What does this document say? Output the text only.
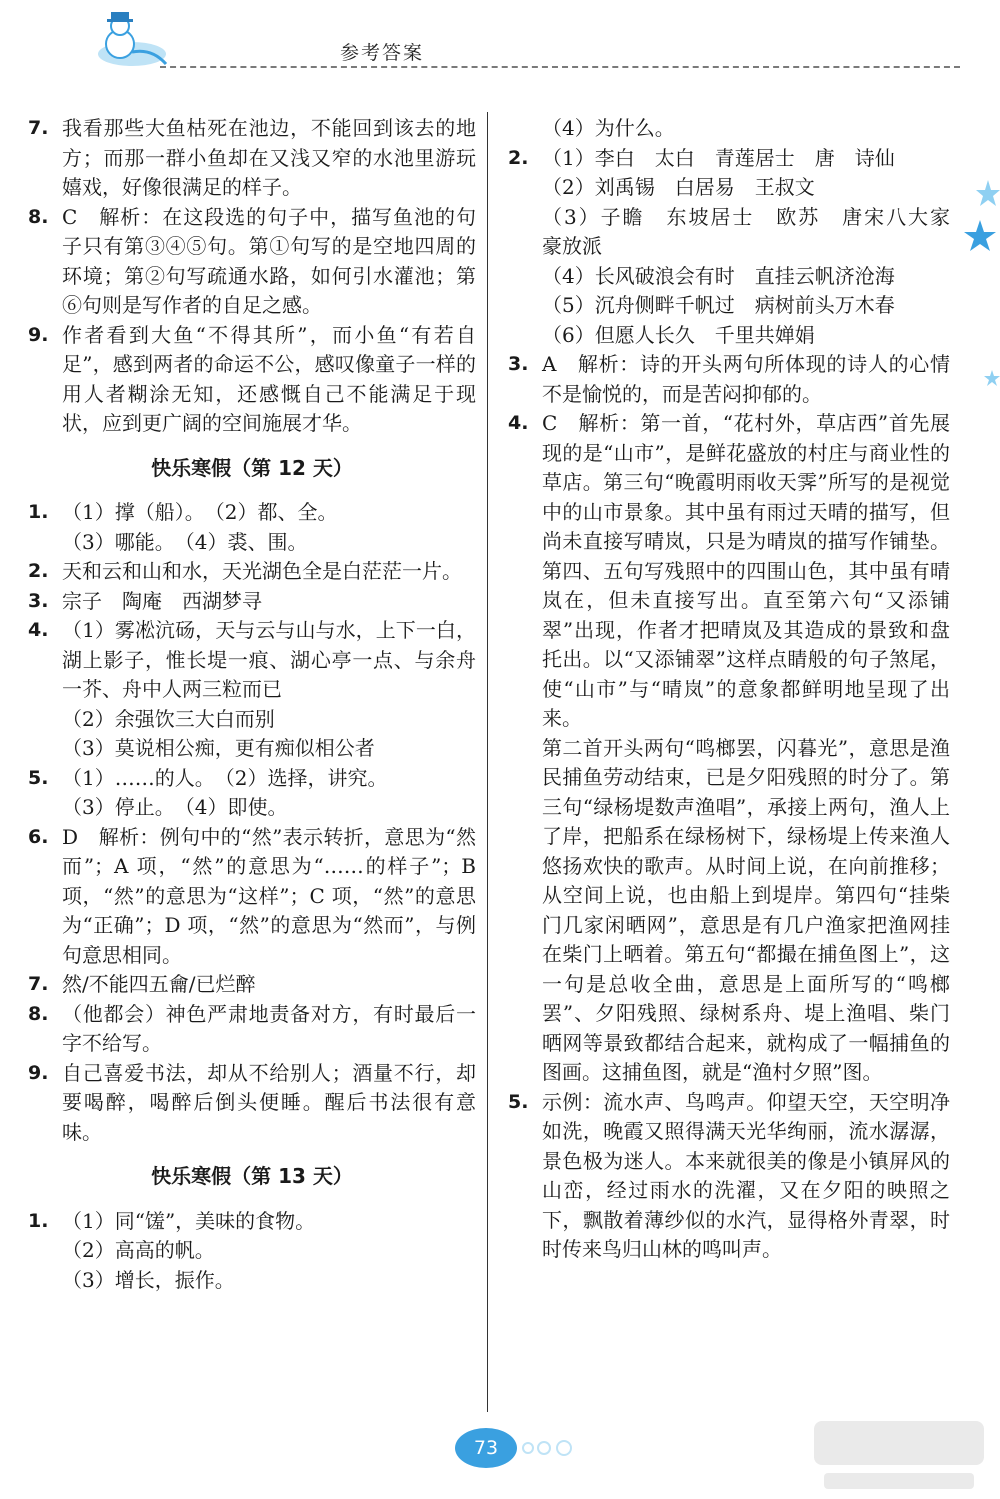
参考答案
7. 我看那些大鱼枯死在池边，不能回到该去的地方；而那一群小鱼却在又浅又窄的水池里游玩嬉戏，好像很满足的样子。
8. C　解析：在这段选的句子中，描写鱼池的句子只有第③④⑤句。第①句写的是空地四周的环境；第②句写疏通水路，如何引水灌池；第⑥句则是写作者的自足之感。
9. 作者看到大鱼“不得其所”，而小鱼“有若自足”，感到两者的命运不公，感叹像童子一样的用人者糊涂无知，还感慨自己不能满足于现状，应到更广阔的空间施展才华。
快乐寒假（第 12 天）
1. （1）撑（船）。　（2）都、全。
（3）哪能。　（4）裘、围。
2. 天和云和山和水，天光湖色全是白茫茫一片。
3. 宗子　陶庵　西湖梦寻
4. （1）雾凇沆砀，天与云与山与水，上下一白，湖上影子，惟长堤一痕、湖心亭一点、与余舟一芥、舟中人两三粒而已
（2）余强饮三大白而别
（3）莫说相公痴，更有痴似相公者
5. （1）……的人。　（2）选择，讲究。
（3）停止。　（4）即使。
6. D　解析：例句中的“然”表示转折，意思为“然而”；A 项，“然”的意思为“……的样子”；B 项，“然”的意思为“这样”；C 项，“然”的意思为“正确”；D 项，“然”的意思为“然而”，与例句意思相同。
7. 然/不能四五龠/已烂醉
8. （他都会）神色严肃地责备对方，有时最后一字不给写。
9. 自己喜爱书法，却从不给别人；酒量不行，却要喝醉，喝醉后倒头便睡。醒后书法很有意味。
快乐寒假（第 13 天）
1. （1）同“馐”，美味的食物。
（2）高高的帆。
（3）增长，振作。
（4）为什么。
2. （1）李白　太白　青莲居士　唐　诗仙
（2）刘禹锡　白居易　王叔文
（3）子瞻　东坡居士　欧苏　唐宋八大家　豪放派
（4）长风破浪会有时　直挂云帆济沧海
（5）沉舟侧畔千帆过　病树前头万木春
（6）但愿人长久　千里共婵娟
3. A　解析：诗的开头两句所体现的诗人的心情不是愉悦的，而是苦闷抑郁的。
4. C　解析：第一首，“花村外，草店西”首先展现的是“山市”，是鲜花盛放的村庄与商业性的草店。第三句“晚霞明雨收天霁”所写的是视觉中的山市景象。其中虽有雨过天晴的描写，但尚未直接写晴岚，只是为晴岚的描写作铺垫。第四、五句写残照中的四围山色，其中虽有晴岚在，但未直接写出。直至第六句“又添铺翠”出现，作者才把晴岚及其造成的景致和盘托出。以“又添铺翠”这样点睛般的句子煞尾，使“山市”与“晴岚”的意象都鲜明地呈现了出来。
第二首开头两句“鸣榔罢，闪暮光”，意思是渔民捕鱼劳动结束，已是夕阳残照的时分了。第三句“绿杨堤数声渔唱”，承接上两句，渔人上了岸，把船系在绿杨树下，绿杨堤上传来渔人悠扬欢快的歌声。从时间上说，在向前推移；从空间上说，也由船上到堤岸。第四句“挂柴门几家闲晒网”，意思是有几户渔家把渔网挂在柴门上晒着。第五句“都撮在捕鱼图上”，这一句是总收全曲，意思是上面所写的“鸣榔罢”、夕阳残照、绿树系舟、堤上渔唱、柴门晒网等景致都结合起来，就构成了一幅捕鱼的图画。这捕鱼图，就是“渔村夕照”图。
5. 示例：流水声、鸟鸣声。仰望天空，天空明净如洗，晚霞又照得满天光华绚丽，流水潺潺，景色极为迷人。本来就很美的像是小镇屏风的山峦，经过雨水的洗濯，又在夕阳的映照之下，飘散着薄纱似的水汽，显得格外青翠，时时传来鸟归山林的鸣叫声。
73
